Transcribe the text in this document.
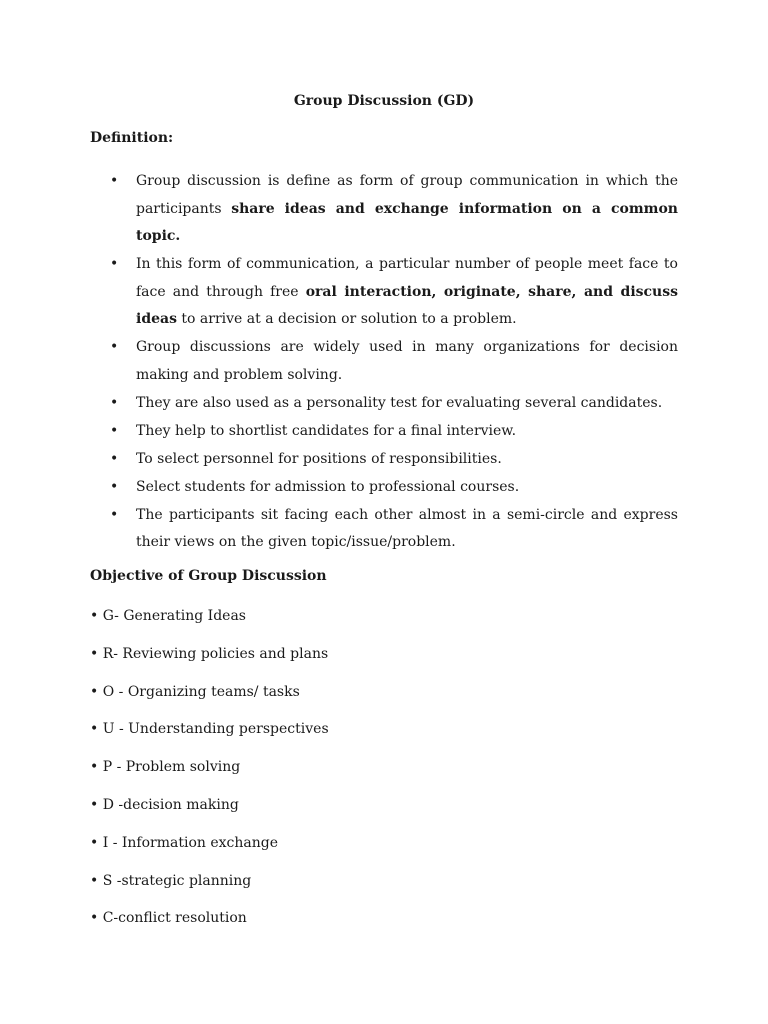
Group Discussion (GD)
Definition:
• Group discussion is define as form of group communication in which the participants share ideas and exchange information on a common topic.
• In this form of communication, a particular number of people meet face to face and through free oral interaction, originate, share, and discuss ideas to arrive at a decision or solution to a problem.
• Group discussions are widely used in many organizations for decision making and problem solving.
• They are also used as a personality test for evaluating several candidates.
• They help to shortlist candidates for a final interview.
• To select personnel for positions of responsibilities.
• Select students for admission to professional courses.
• The participants sit facing each other almost in a semi-circle and express their views on the given topic/issue/problem.
Objective of Group Discussion
• G- Generating Ideas
• R- Reviewing policies and plans
• O - Organizing teams/ tasks
• U - Understanding perspectives
• P - Problem solving
• D -decision making
• I - Information exchange
• S -strategic planning
• C-conflict resolution
